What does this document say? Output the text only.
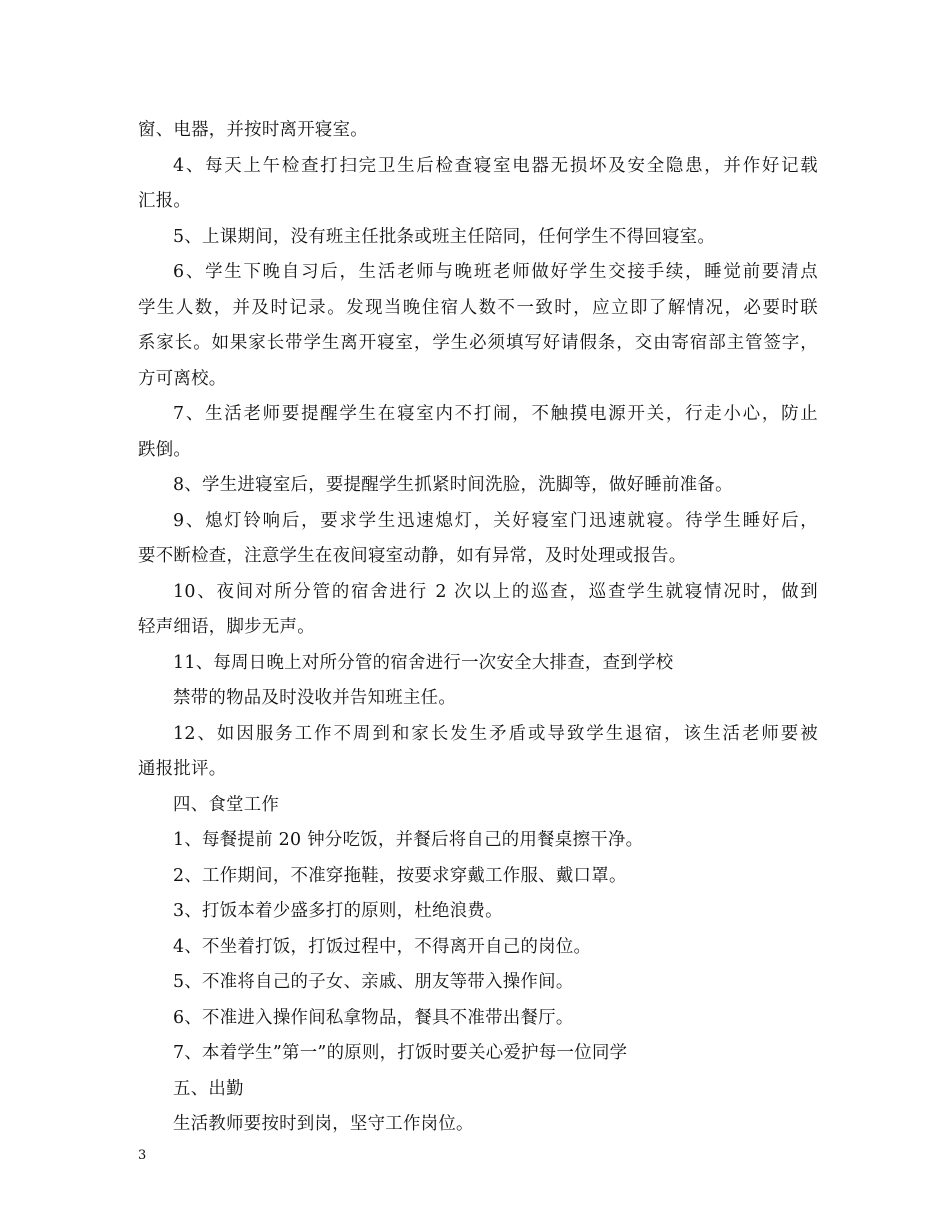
窗、电器，并按时离开寝室。
4、每天上午检查打扫完卫生后检查寝室电器无损坏及安全隐患，并作好记载
汇报。
5、上课期间，没有班主任批条或班主任陪同，任何学生不得回寝室。
6、学生下晚自习后，生活老师与晚班老师做好学生交接手续，睡觉前要清点
学生人数，并及时记录。发现当晚住宿人数不一致时，应立即了解情况，必要时联
系家长。如果家长带学生离开寝室，学生必须填写好请假条，交由寄宿部主管签字，
方可离校。
7、生活老师要提醒学生在寝室内不打闹，不触摸电源开关，行走小心，防止
跌倒。
8、学生进寝室后，要提醒学生抓紧时间洗脸，洗脚等，做好睡前准备。
9、熄灯铃响后，要求学生迅速熄灯，关好寝室门迅速就寝。待学生睡好后，
要不断检查，注意学生在夜间寝室动静，如有异常，及时处理或报告。
10、夜间对所分管的宿舍进行 2 次以上的巡查，巡查学生就寝情况时，做到
轻声细语，脚步无声。
11、每周日晚上对所分管的宿舍进行一次安全大排查，查到学校
禁带的物品及时没收并告知班主任。
12、如因服务工作不周到和家长发生矛盾或导致学生退宿，该生活老师要被
通报批评。
四、食堂工作
1、每餐提前 20 钟分吃饭，并餐后将自己的用餐桌擦干净。
2、工作期间，不准穿拖鞋，按要求穿戴工作服、戴口罩。
3、打饭本着少盛多打的原则，杜绝浪费。
4、不坐着打饭，打饭过程中，不得离开自己的岗位。
5、不准将自己的子女、亲戚、朋友等带入操作间。
6、不准进入操作间私拿物品，餐具不准带出餐厅。
7、本着学生”第一”的原则，打饭时要关心爱护每一位同学
五、出勤
生活教师要按时到岗，坚守工作岗位。
3
